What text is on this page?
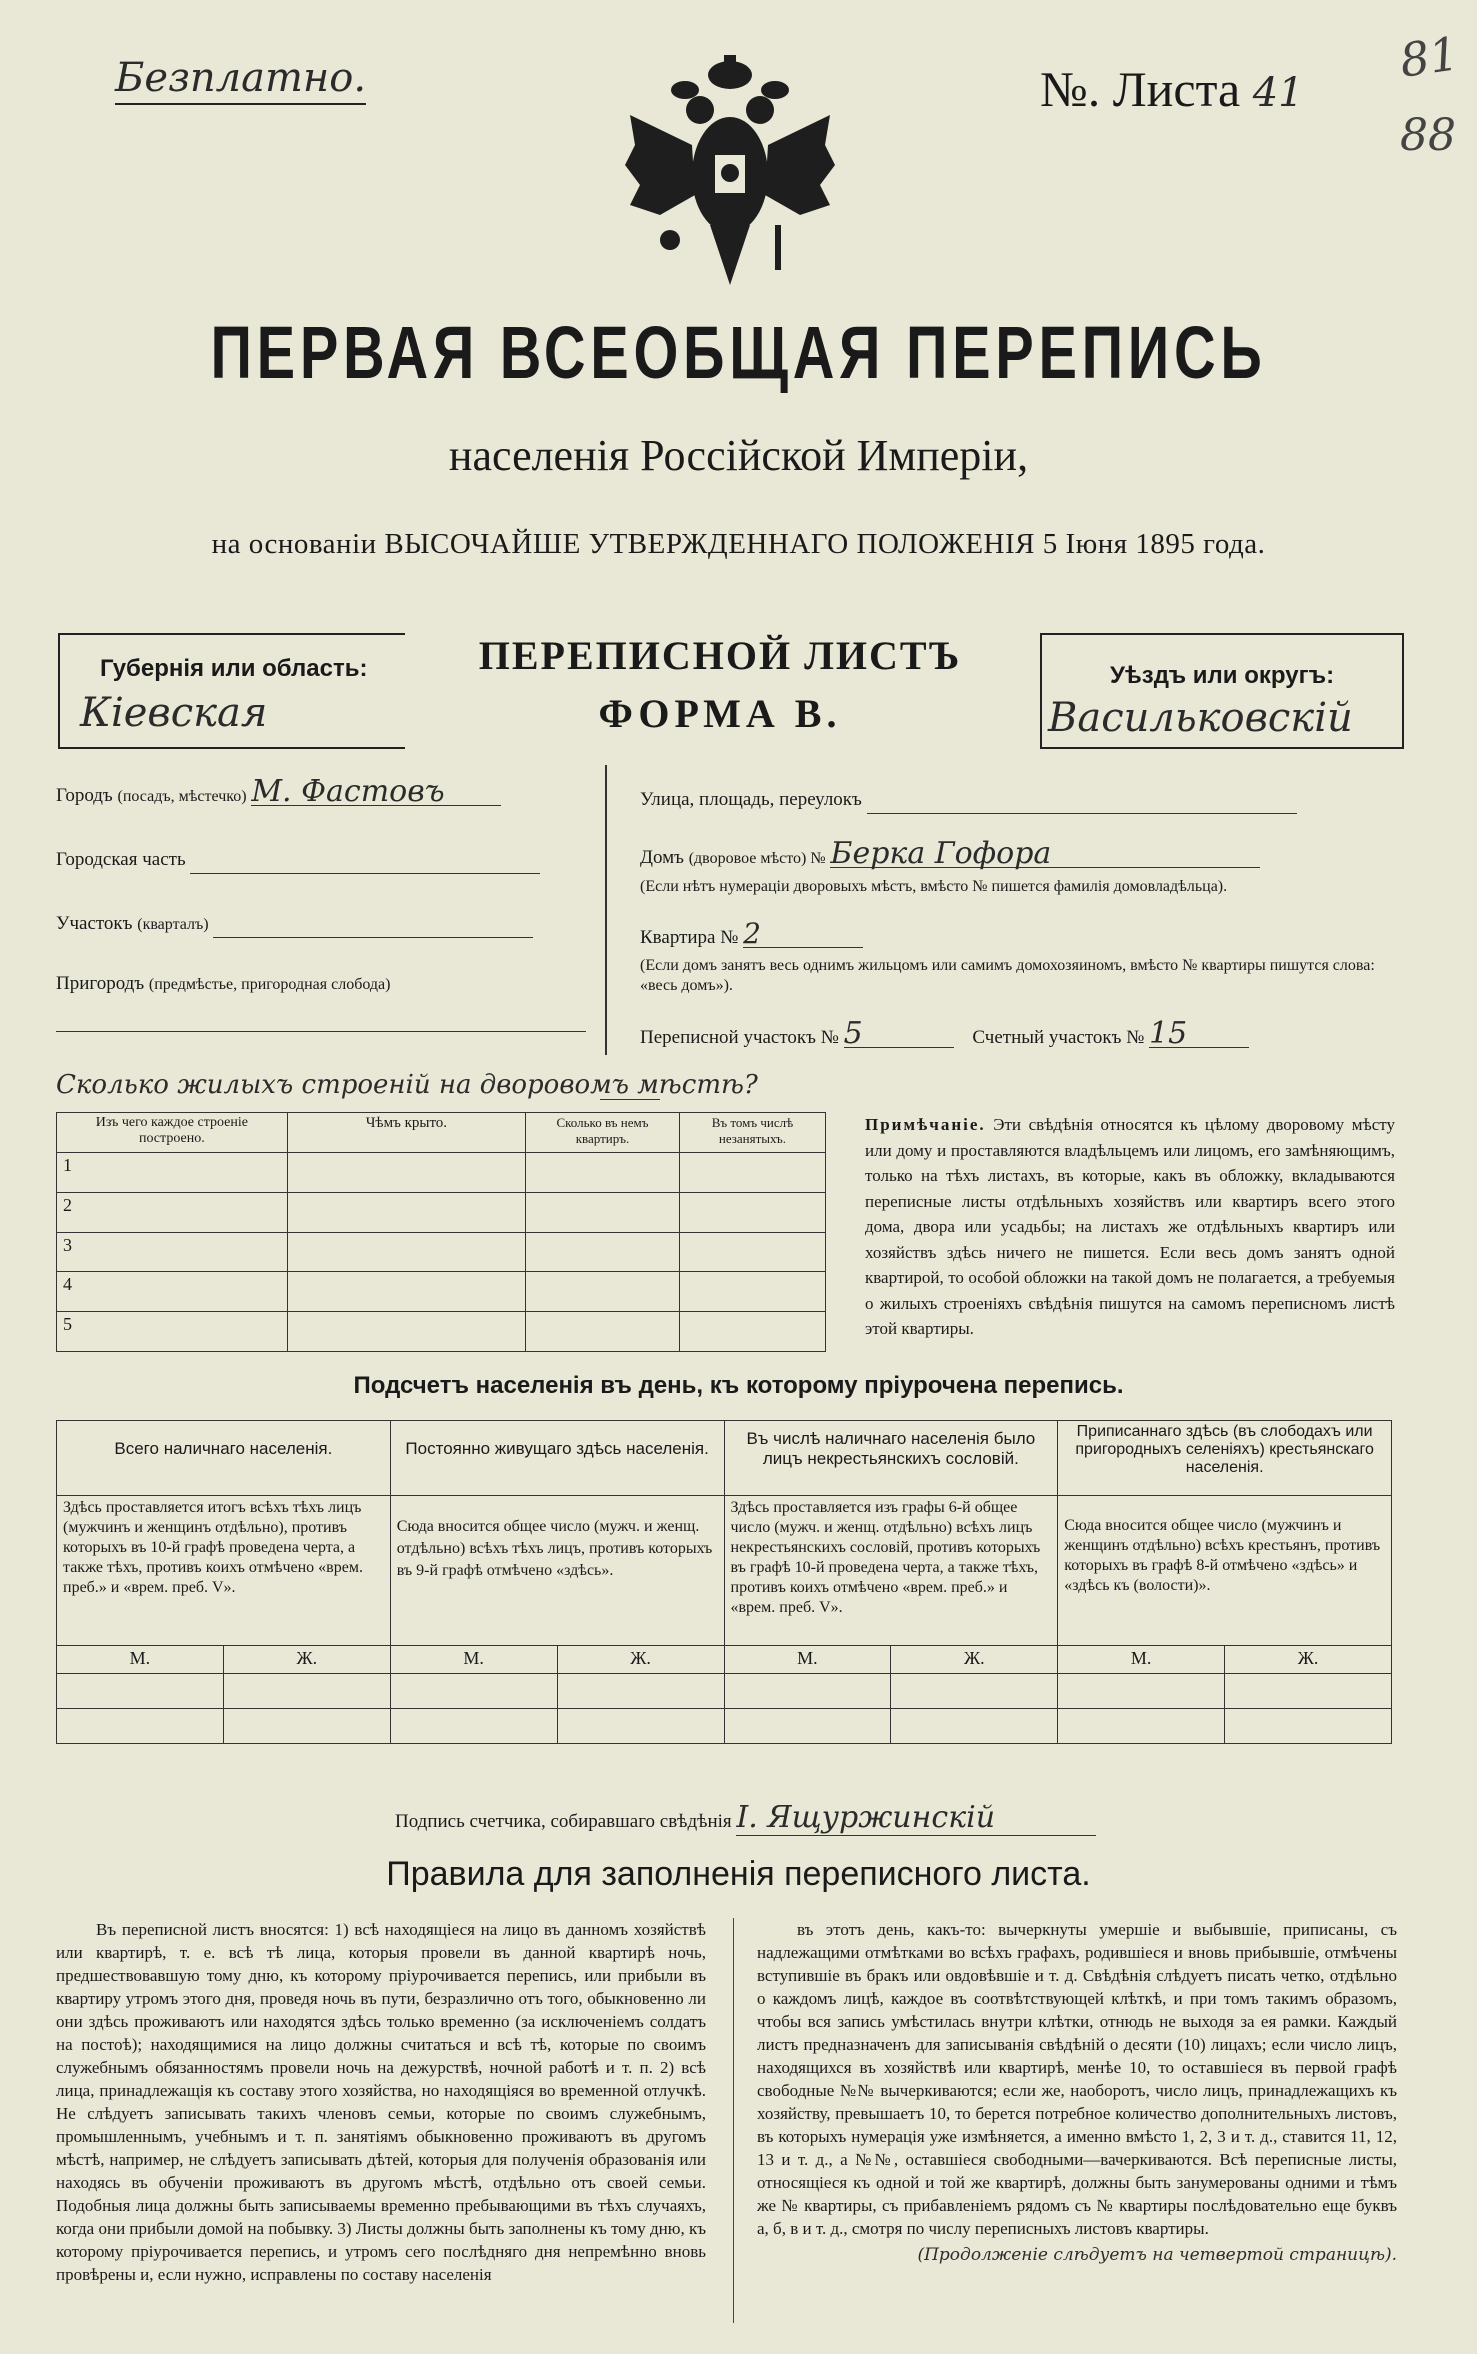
81
88
Безплатно.	№. Листа 41
ПЕРВАЯ ВСЕОБЩАЯ ПЕРЕПИСЬ
населенія Россійской Имперіи,
на основаніи ВЫСОЧАЙШЕ УТВЕРЖДЕННАГО ПОЛОЖЕНІЯ 5 Іюня 1895 года.
Губернія или область:
Кіевская
ПЕРЕПИСНОЙ ЛИСТЪ
ФОРМА В.
Уѣздъ или округъ:
Васильковскій
Городъ (посадъ, мѣстечко) М. Фастовъ
Городская часть
Участокъ (кварталъ)
Пригородъ (предмѣстье, пригородная слобода)
Улица, площадь, переулокъ
Домъ (дворовое мѣсто) № Берка Гофора
(Если нѣтъ нумераціи дворовыхъ мѣстъ, вмѣсто № пишется фамилія домовладѣльца).
Квартира № 2
(Если домъ занятъ весь однимъ жильцомъ или самимъ домохозяиномъ, вмѣсто № квартиры пишутся слова: «весь домъ»).
Переписной участокъ № 5	Счетный участокъ № 15
Сколько жилыхъ строеній на дворовомъ мѣстѣ?
Изъ чего каждое строеніе построено.	Чѣмъ крыто.	Сколько въ немъ квартиръ.	Въ томъ числѣ незанятыхъ.
1			
2			
3			
4			
5			
Примѣчаніе. Эти свѣдѣнія относятся къ цѣлому дворовому мѣсту или дому и проставляются владѣльцемъ или лицомъ, его замѣняющимъ, только на тѣхъ листахъ, въ которые, какъ въ обложку, вкладываются переписные листы отдѣльныхъ хозяйствъ или квартиръ всего этого дома, двора или усадьбы; на листахъ же отдѣльныхъ квартиръ или хозяйствъ здѣсь ничего не пишется. Если весь домъ занятъ одной квартирой, то особой обложки на такой домъ не полагается, а требуемыя о жилыхъ строеніяхъ свѣдѣнія пишутся на самомъ переписномъ листѣ этой квартиры.
Подсчетъ населенія въ день, къ которому пріурочена перепись.
Всего наличнаго населенія.		Постоянно живущаго здѣсь населенія.		Въ числѣ наличнаго населенія было лицъ некрестьянскихъ сословій.		Приписаннаго здѣсь (въ слободахъ или пригородныхъ селеніяхъ) крестьянскаго населенія.	
Здѣсь проставляется итогъ всѣхъ тѣхъ лицъ (мужчинъ и женщинъ отдѣльно), противъ которыхъ въ 10-й графѣ проведена черта, а также тѣхъ, противъ коихъ отмѣчено «врем. преб.» и «врем. преб. V».		Сюда вносится общее число (мужч. и женщ. отдѣльно) всѣхъ тѣхъ лицъ, противъ которыхъ въ 9-й графѣ отмѣчено «здѣсь».		Здѣсь проставляется изъ графы 6-й общее число (мужч. и женщ. отдѣльно) всѣхъ лицъ некрестьянскихъ сословій, противъ которыхъ въ графѣ 10-й проведена черта, а также тѣхъ, противъ коихъ отмѣчено «врем. преб.» и «врем. преб. V».		Сюда вносится общее число (мужчинъ и женщинъ отдѣльно) всѣхъ крестьянъ, противъ которыхъ въ графѣ 8-й отмѣчено «здѣсь» и «здѣсь къ (волости)».	
М.	Ж.	М.	Ж.	М.	Ж.	М.	Ж.

Подпись счетчика, собиравшаго свѣдѣнія І. Ящуржинскій
Правила для заполненія переписного листа.

Въ переписной листъ вносятся: 1) всѣ находящіеся на лицо въ данномъ хозяйствѣ или квартирѣ, т. е. всѣ тѣ лица, которыя провели въ данной квартирѣ ночь, предшествовавшую тому дню, къ которому пріурочивается перепись, или прибыли въ квартиру утромъ этого дня, проведя ночь въ пути, безразлично отъ того, обыкновенно ли они здѣсь проживаютъ или находятся здѣсь только временно (за исключеніемъ солдатъ на постоѣ); находящимися на лицо должны считаться и всѣ тѣ, которые по своимъ служебнымъ обязанностямъ провели ночь на дежурствѣ, ночной работѣ и т. п. 2) всѣ лица, принадлежащія къ составу этого хозяйства, но находящіяся во временной отлучкѣ. Не слѣдуетъ записывать такихъ членовъ семьи, которые по своимъ служебнымъ, промышленнымъ, учебнымъ и т. п. занятіямъ обыкновенно проживаютъ въ другомъ мѣстѣ, например, не слѣдуетъ записывать дѣтей, которыя для полученія образованія или находясь въ обученіи проживаютъ въ другомъ мѣстѣ, отдѣльно отъ своей семьи. Подобныя лица должны быть записываемы временно пребывающими въ тѣхъ случаяхъ, когда они прибыли домой на побывку. 3) Листы должны быть заполнены къ тому дню, къ которому пріурочивается перепись, и утромъ сего послѣдняго дня непремѣнно вновь провѣрены и, если нужно, исправлены по составу населенія

въ этотъ день, какъ-то: вычеркнуты умершіе и выбывшіе, приписаны, съ надлежащими отмѣтками во всѣхъ графахъ, родившіеся и вновь прибывшіе, отмѣчены вступившіе въ бракъ или овдовѣвшіе и т. д. Свѣдѣнія слѣдуетъ писать четко, отдѣльно о каждомъ лицѣ, каждое въ соотвѣтствующей клѣткѣ, и при томъ такимъ образомъ, чтобы вся запись умѣстилась внутри клѣтки, отнюдь не выходя за ея рамки. Каждый листъ предназначенъ для записыванія свѣдѣній о десяти (10) лицахъ; если число лицъ, находящихся въ хозяйствѣ или квартирѣ, менѣе 10, то оставшіеся въ первой графѣ свободные №№ вычеркиваются; если же, наоборотъ, число лицъ, принадлежащихъ къ хозяйству, превышаетъ 10, то берется потребное количество дополнительныхъ листовъ, въ которыхъ нумерація уже измѣняется, а именно вмѣсто 1, 2, 3 и т. д., ставится 11, 12, 13 и т. д., а №№, оставшіеся свободными—вачеркиваются. Всѣ переписные листы, относящіеся къ одной и той же квартирѣ, должны быть занумерованы одними и тѣмъ же № квартиры, съ прибавленіемъ рядомъ съ № квартиры послѣдовательно еще буквъ а, б, в и т. д., смотря по числу переписныхъ листовъ квартиры.

(Продолженіе слѣдуетъ на четвертой страницѣ).
